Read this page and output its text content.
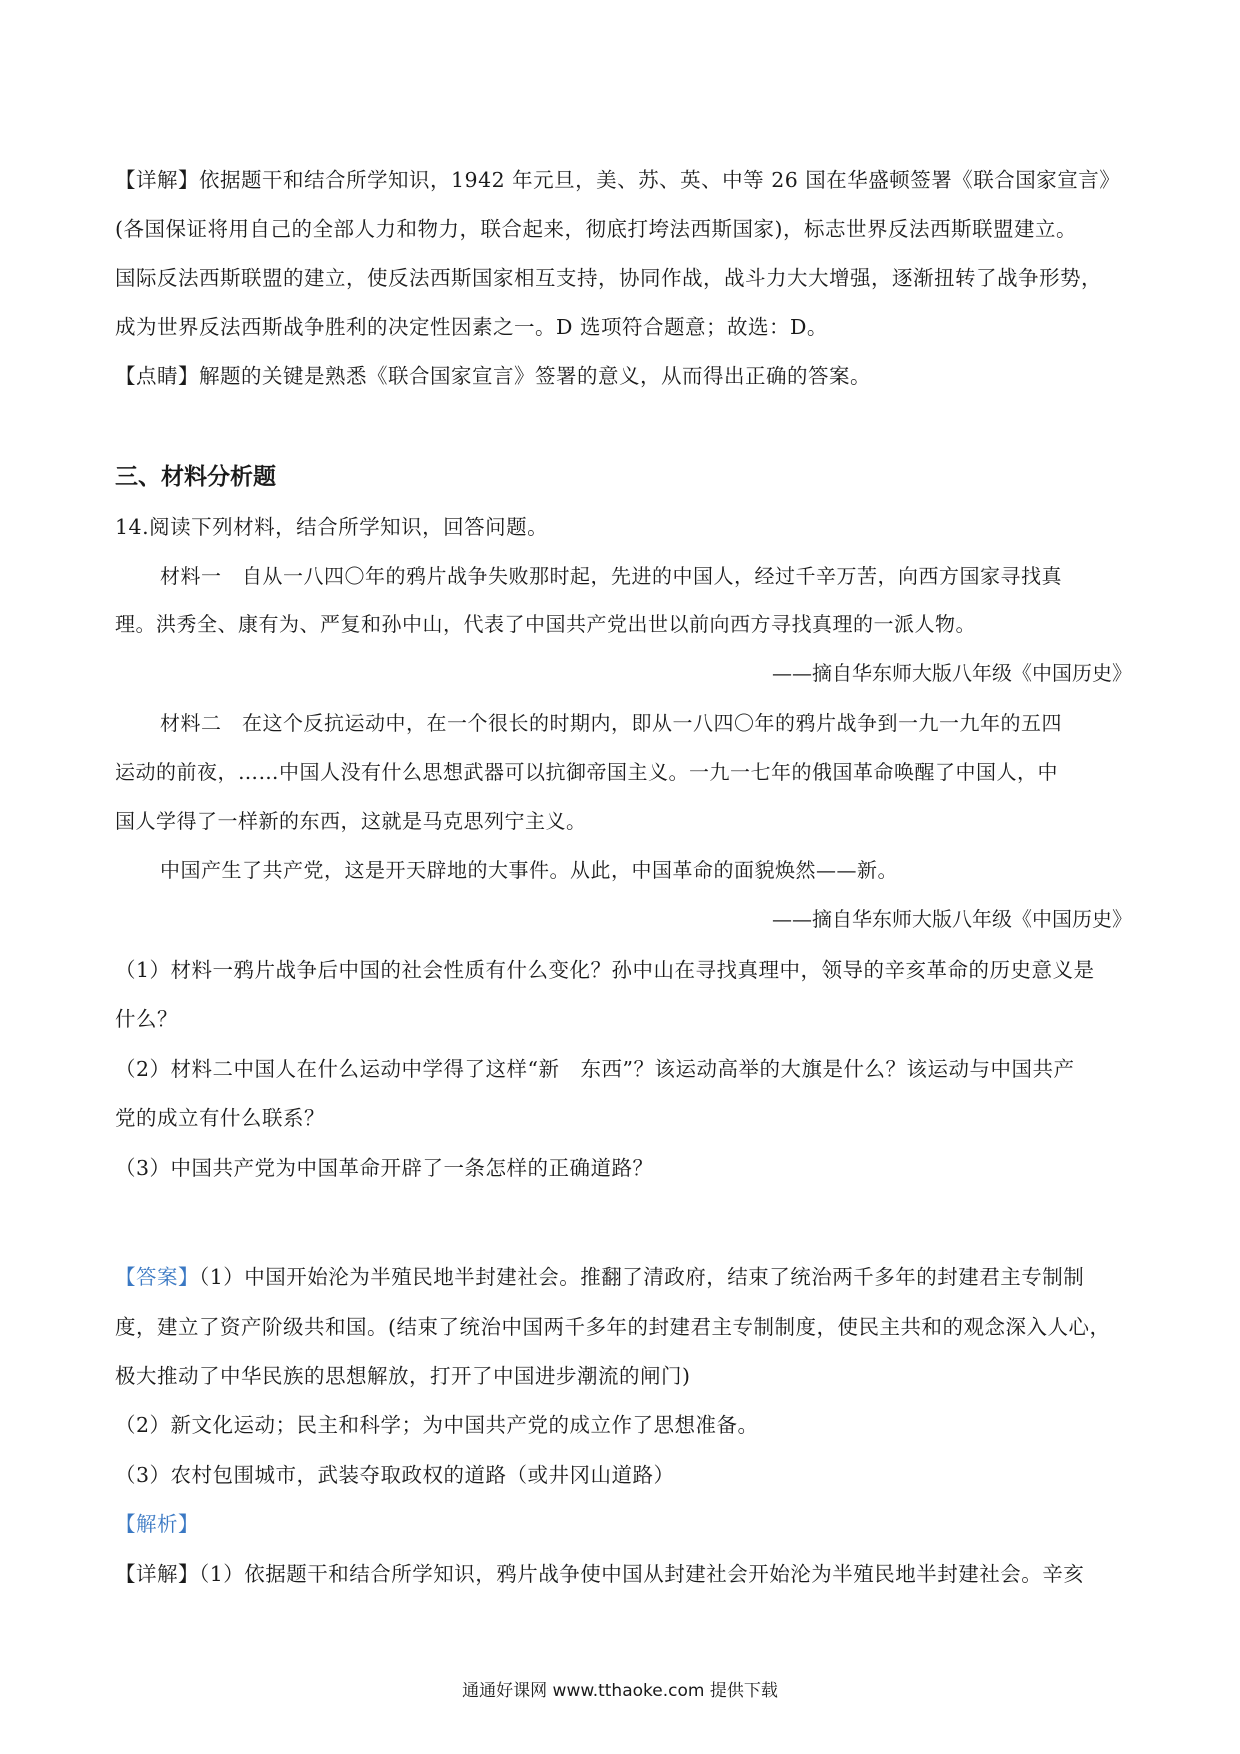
【详解】依据题干和结合所学知识，1942 年元旦，美、苏、英、中等 26 国在华盛顿签署《联合国家宣言》
(各国保证将用自己的全部人力和物力，联合起来，彻底打垮法西斯国家)，标志世界反法西斯联盟建立。
国际反法西斯联盟的建立，使反法西斯国家相互支持，协同作战，战斗力大大增强，逐渐扭转了战争形势，
成为世界反法西斯战争胜利的决定性因素之一。D 选项符合题意；故选：D。
【点睛】解题的关键是熟悉《联合国家宣言》签署的意义，从而得出正确的答案。
三、材料分析题
14.阅读下列材料，结合所学知识，回答问题。
材料一　自从一八四〇年的鸦片战争失败那时起，先进的中国人，经过千辛万苦，向西方国家寻找真
理。洪秀全、康有为、严复和孙中山，代表了中国共产党出世以前向西方寻找真理的一派人物。
——摘自华东师大版八年级《中国历史》
材料二　在这个反抗运动中，在一个很长的时期内，即从一八四〇年的鸦片战争到一九一九年的五四
运动的前夜，……中国人没有什么思想武器可以抗御帝国主义。一九一七年的俄国革命唤醒了中国人，中
国人学得了一样新的东西，这就是马克思列宁主义。
中国产生了共产党，这是开天辟地的大事件。从此，中国革命的面貌焕然——新。
——摘自华东师大版八年级《中国历史》
（1）材料一鸦片战争后中国的社会性质有什么变化？孙中山在寻找真理中，领导的辛亥革命的历史意义是
什么？
（2）材料二中国人在什么运动中学得了这样“新　东西”？该运动高举的大旗是什么？该运动与中国共产
党的成立有什么联系？
（3）中国共产党为中国革命开辟了一条怎样的正确道路？
【答案】（1）中国开始沦为半殖民地半封建社会。推翻了清政府，结束了统治两千多年的封建君主专制制
度，建立了资产阶级共和国。(结束了统治中国两千多年的封建君主专制制度，使民主共和的观念深入人心，
极大推动了中华民族的思想解放，打开了中国进步潮流的闸门)
（2）新文化运动；民主和科学；为中国共产党的成立作了思想准备。
（3）农村包围城市，武装夺取政权的道路（或井冈山道路）
【解析】
【详解】（1）依据题干和结合所学知识，鸦片战争使中国从封建社会开始沦为半殖民地半封建社会。辛亥
通通好课网 www.tthaoke.com 提供下载
